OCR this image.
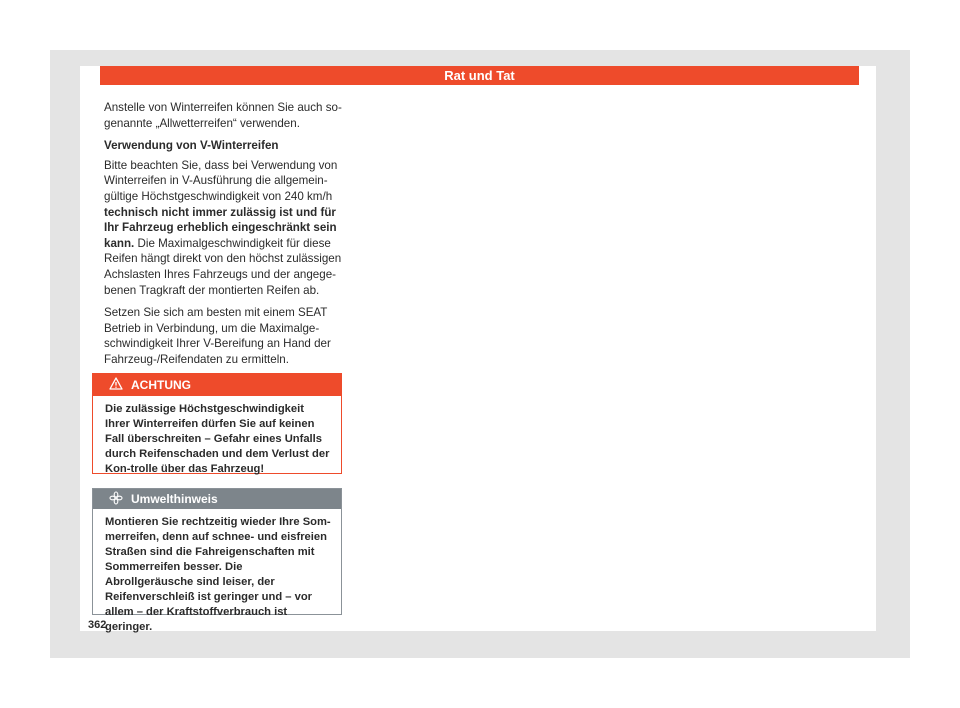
Rat und Tat

Anstelle von Winterreifen können Sie auch so-genannte „Allwetterreifen“ verwenden.

Verwendung von V-Winterreifen

Bitte beachten Sie, dass bei Verwendung von Winterreifen in V-Ausführung die allgemein-gültige Höchstgeschwindigkeit von 240 km/h technisch nicht immer zulässig ist und für Ihr Fahrzeug erheblich eingeschränkt sein kann. Die Maximalgeschwindigkeit für diese Reifen hängt direkt von den höchst zulässigen Achslasten Ihres Fahrzeugs und der angege-benen Tragkraft der montierten Reifen ab.

Setzen Sie sich am besten mit einem SEAT Betrieb in Verbindung, um die Maximalge-schwindigkeit Ihrer V-Bereifung an Hand der Fahrzeug-/Reifendaten zu ermitteln.

ACHTUNG
Die zulässige Höchstgeschwindigkeit Ihrer Winterreifen dürfen Sie auf keinen Fall überschreiten – Gefahr eines Unfalls durch Reifenschaden und dem Verlust der Kon-trolle über das Fahrzeug!
Umwelthinweis
Montieren Sie rechtzeitig wieder Ihre Som-merreifen, denn auf schnee- und eisfreien Straßen sind die Fahreigenschaften mit Sommerreifen besser. Die Abrollgeräusche sind leiser, der Reifenverschleiß ist geringer und – vor allem – der Kraftstoffverbrauch ist geringer.
362
